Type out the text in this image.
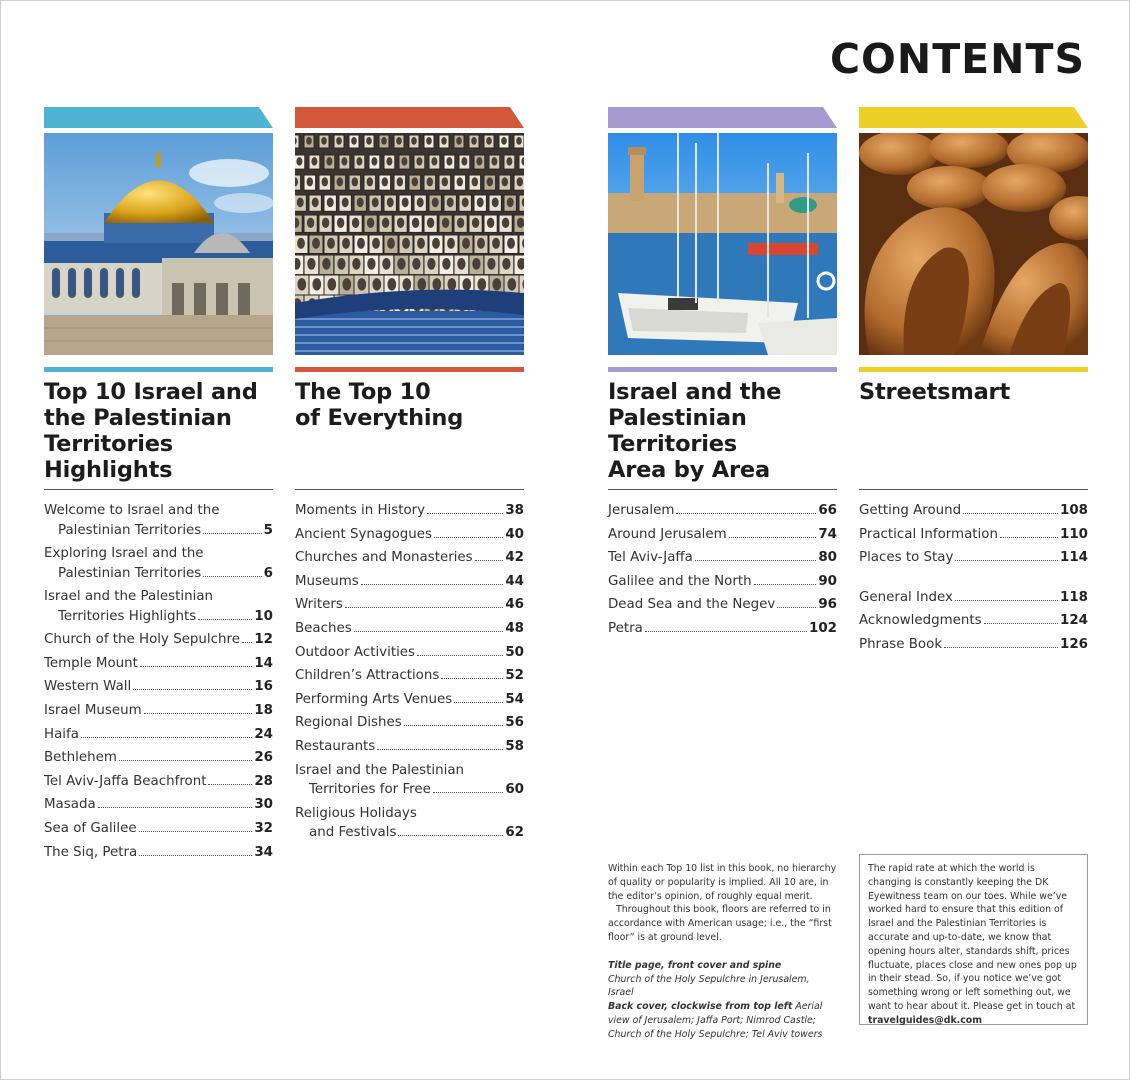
CONTENTS
Top 10 Israel and
the Palestinian
Territories
Highlights
Welcome to Israel and the
Palestinian Territories	5
Exploring Israel and the
Palestinian Territories	6
Israel and the Palestinian
Territories Highlights	10
Church of the Holy Sepulchre 12
Temple Mount	14
Western Wall	16
Israel Museum	18
Haifa	24
Bethlehem	26
Tel Aviv-Jaffa Beachfront	28
Masada	30
Sea of Galilee	32
The Siq, Petra	34
The Top 10
of Everything
Moments in History	38
Ancient Synagogues	40
Churches and Monasteries 42
Museums	44
Writers	46
Beaches	48
Outdoor Activities	50
Children’s Attractions	52
Performing Arts Venues	54
Regional Dishes	56
Restaurants	58
Israel and the Palestinian
Territories for Free	60
Religious Holidays
and Festivals	62
Israel and the
Palestinian
Territories
Area by Area
Jerusalem	66
Around Jerusalem	74
Tel Aviv-Jaffa	80
Galilee and the North	90
Dead Sea and the Negev	96
Petra	102
Streetsmart
Getting Around	108
Practical Information	110
Places to Stay	114
General Index	118
Acknowledgments	124
Phrase Book	126

Within each Top 10 list in this book, no hierarchy of quality or popularity is implied. All 10 are, in the editor’s opinion, of roughly equal merit.

Throughout this book, floors are referred to in accordance with American usage; i.e., the “first floor” is at ground level.

Title page, front cover and spine
Church of the Holy Sepulchre in Jerusalem, Israel

Back cover, clockwise from top left Aerial view of Jerusalem; Jaffa Port; Nimrod Castle; Church of the Holy Sepulchre; Tel Aviv towers

The rapid rate at which the world is changing is constantly keeping the DK Eyewitness team on our toes. While we’ve worked hard to ensure that this edition of Israel and the Palestinian Territories is accurate and up-to-date, we know that opening hours alter, standards shift, prices fluctuate, places close and new ones pop up in their stead. So, if you notice we’ve got something wrong or left something out, we want to hear about it. Please get in touch at travelguides@dk.com
